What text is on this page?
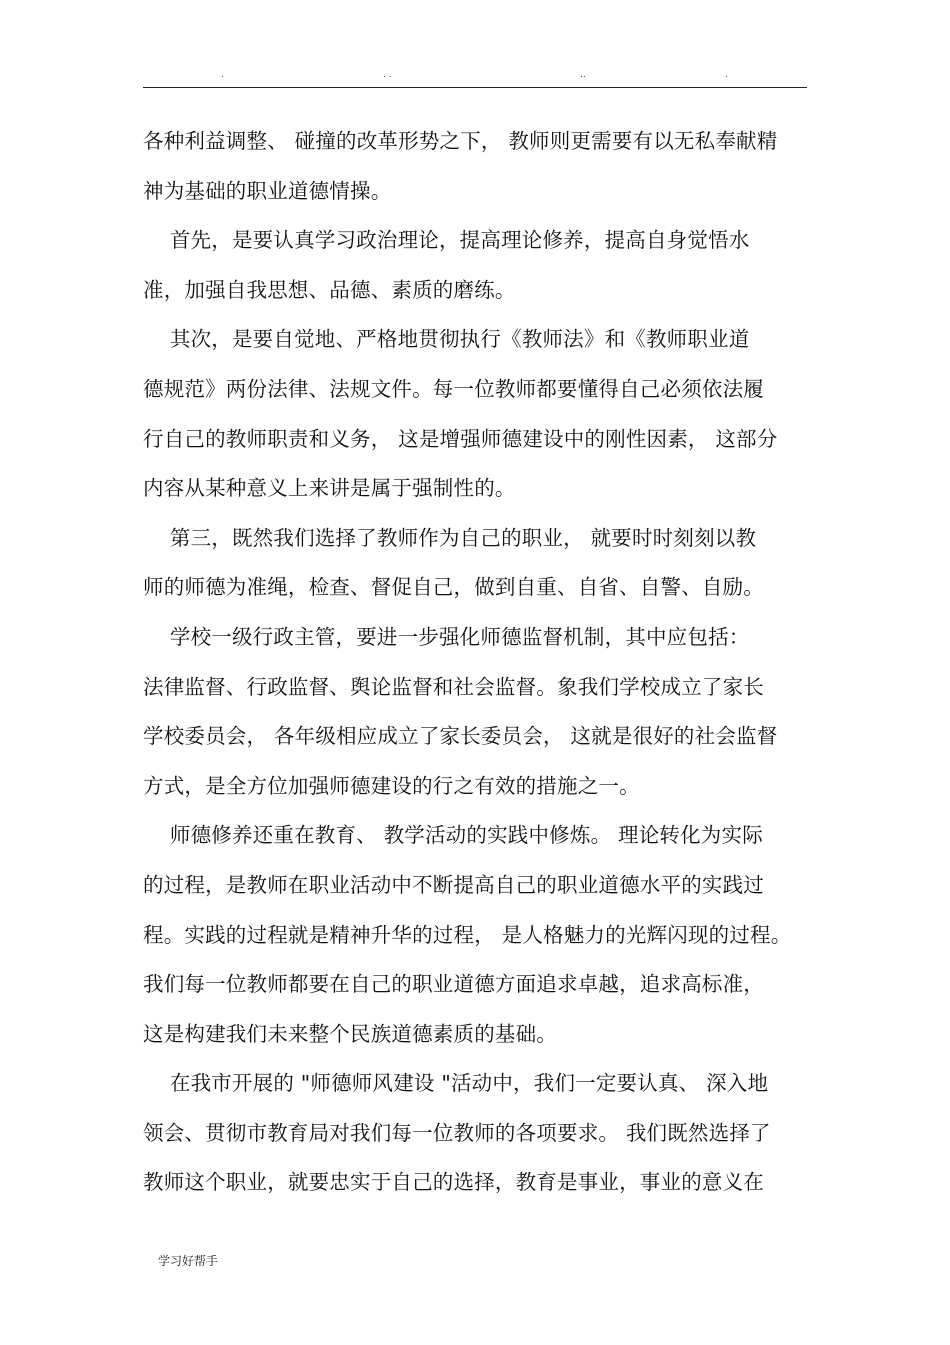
.	. .	..	.
各种利益调整、 碰撞的改革形势之下， 教师则更需要有以无私奉献精
神为基础的职业道德情操。
首先，是要认真学习政治理论，提高理论修养，提高自身觉悟水
准，加强自我思想、品德、素质的磨练。
其次，是要自觉地、严格地贯彻执行《教师法》和《教师职业道
德规范》两份法律、法规文件。每一位教师都要懂得自己必须依法履
行自己的教师职责和义务， 这是增强师德建设中的刚性因素， 这部分
内容从某种意义上来讲是属于强制性的。
第三，既然我们选择了教师作为自己的职业， 就要时时刻刻以教
师的师德为准绳，检查、督促自己，做到自重、自省、自警、自励。
学校一级行政主管，要进一步强化师德监督机制，其中应包括：
法律监督、行政监督、舆论监督和社会监督。象我们学校成立了家长
学校委员会， 各年级相应成立了家长委员会， 这就是很好的社会监督
方式，是全方位加强师德建设的行之有效的措施之一。
师德修养还重在教育、 教学活动的实践中修炼。 理论转化为实际
的过程，是教师在职业活动中不断提高自己的职业道德水平的实践过
程。实践的过程就是精神升华的过程， 是人格魅力的光辉闪现的过程。
我们每一位教师都要在自己的职业道德方面追求卓越，追求高标准，
这是构建我们未来整个民族道德素质的基础。
在我市开展的 "师德师风建设 "活动中，我们一定要认真、 深入地
领会、贯彻市教育局对我们每一位教师的各项要求。 我们既然选择了
教师这个职业，就要忠实于自己的选择，教育是事业，事业的意义在
学习好帮手
